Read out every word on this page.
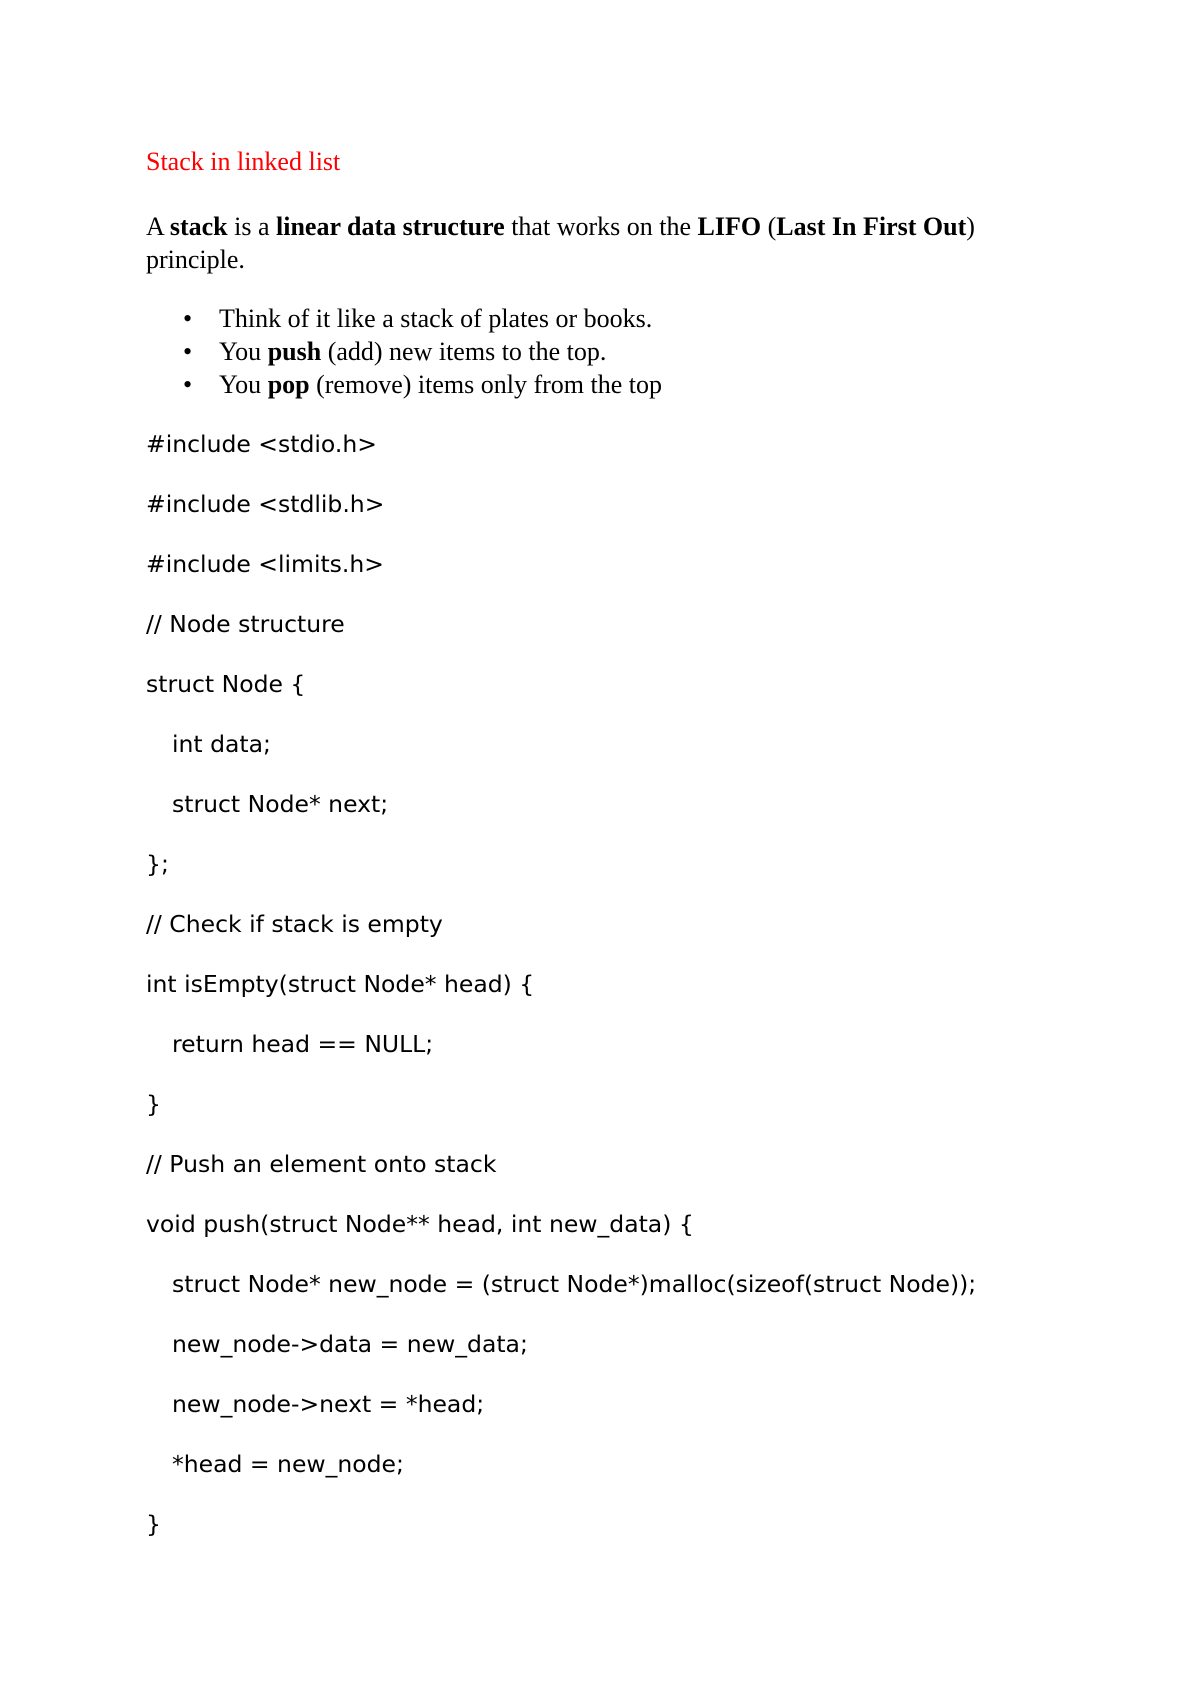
Stack in linked list
A stack is a linear data structure that works on the LIFO (Last In First Out)
principle.
• Think of it like a stack of plates or books.
• You push (add) new items to the top.
• You pop (remove) items only from the top
#include <stdio.h>
#include <stdlib.h>
#include <limits.h>
// Node structure
struct Node {
int data;
struct Node* next;
};
// Check if stack is empty
int isEmpty(struct Node* head) {
return head == NULL;
}
// Push an element onto stack
void push(struct Node** head, int new_data) {
struct Node* new_node = (struct Node*)malloc(sizeof(struct Node));
new_node->data = new_data;
new_node->next = *head;
*head = new_node;
}
